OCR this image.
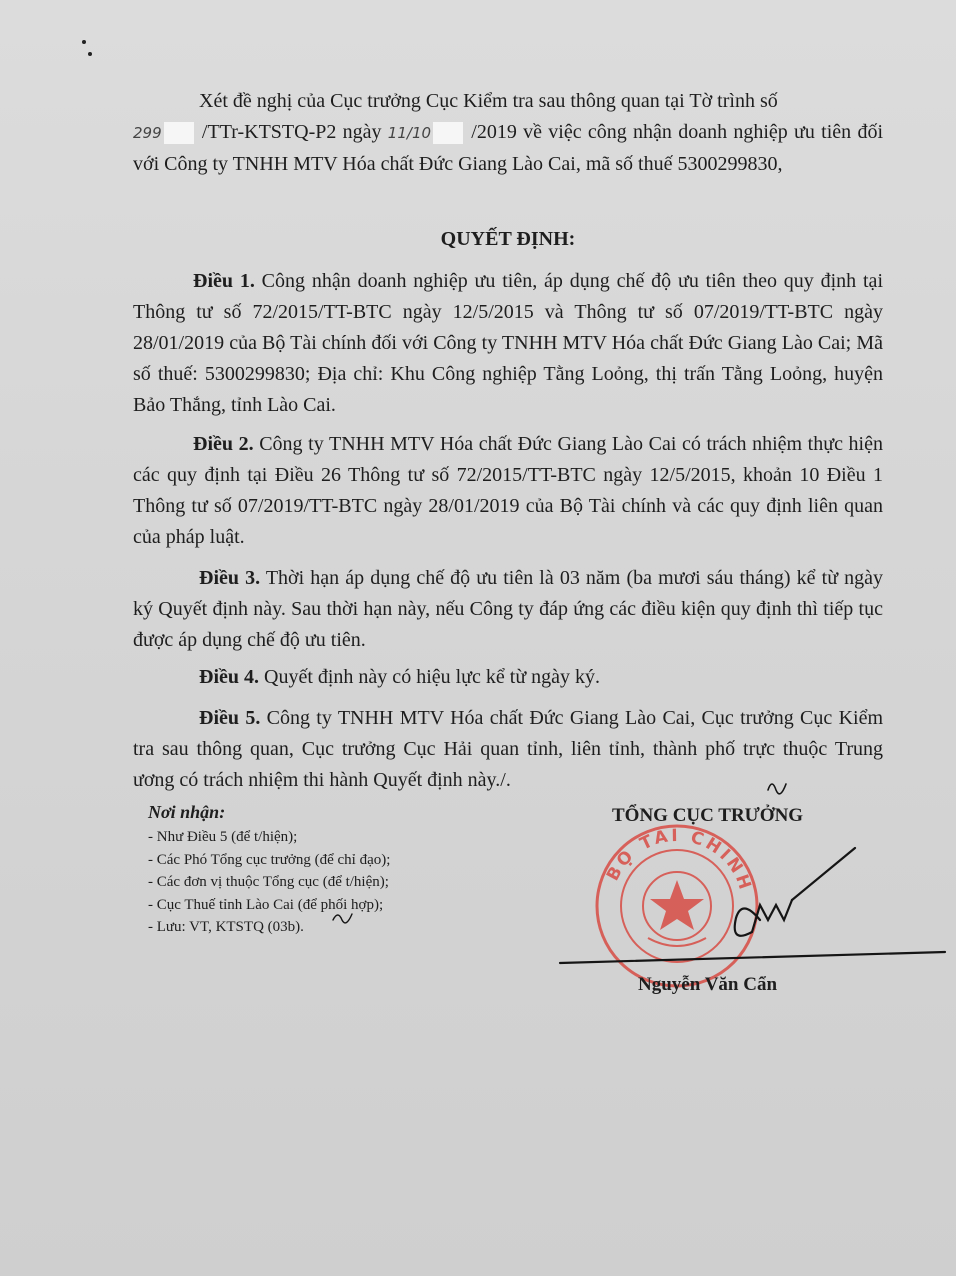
Xét đề nghị của Cục trưởng Cục Kiểm tra sau thông quan tại Tờ trình số
299 /TTr-KTSTQ-P2 ngày 11/10 /2019 về việc công nhận doanh nghiệp ưu tiên đối với Công ty TNHH MTV Hóa chất Đức Giang Lào Cai, mã số thuế 5300299830,

QUYẾT ĐỊNH:

Điều 1. Công nhận doanh nghiệp ưu tiên, áp dụng chế độ ưu tiên theo quy định tại Thông tư số 72/2015/TT-BTC ngày 12/5/2015 và Thông tư số 07/2019/TT-BTC ngày 28/01/2019 của Bộ Tài chính đối với Công ty TNHH MTV Hóa chất Đức Giang Lào Cai; Mã số thuế: 5300299830; Địa chỉ: Khu Công nghiệp Tằng Loỏng, thị trấn Tằng Loỏng, huyện Bảo Thắng, tỉnh Lào Cai.

Điều 2. Công ty TNHH MTV Hóa chất Đức Giang Lào Cai có trách nhiệm thực hiện các quy định tại Điều 26 Thông tư số 72/2015/TT-BTC ngày 12/5/2015, khoản 10 Điều 1 Thông tư số 07/2019/TT-BTC ngày 28/01/2019 của Bộ Tài chính và các quy định liên quan của pháp luật.

Điều 3. Thời hạn áp dụng chế độ ưu tiên là 03 năm (ba mươi sáu tháng) kể từ ngày ký Quyết định này. Sau thời hạn này, nếu Công ty đáp ứng các điều kiện quy định thì tiếp tục được áp dụng chế độ ưu tiên.

Điều 4. Quyết định này có hiệu lực kể từ ngày ký.

Điều 5. Công ty TNHH MTV Hóa chất Đức Giang Lào Cai, Cục trưởng Cục Kiểm tra sau thông quan, Cục trưởng Cục Hải quan tỉnh, liên tỉnh, thành phố trực thuộc Trung ương có trách nhiệm thi hành Quyết định này./.

Nơi nhận:
- Như Điều 5 (để t/hiện);
- Các Phó Tổng cục trưởng (để chỉ đạo);
- Các đơn vị thuộc Tổng cục (để t/hiện);
- Cục Thuế tỉnh Lào Cai (để phối hợp);
- Lưu: VT, KTSTQ (03b).
TỔNG CỤC TRƯỞNG
BỘ TÀI CHÍNH
Nguyễn Văn Cẩn
